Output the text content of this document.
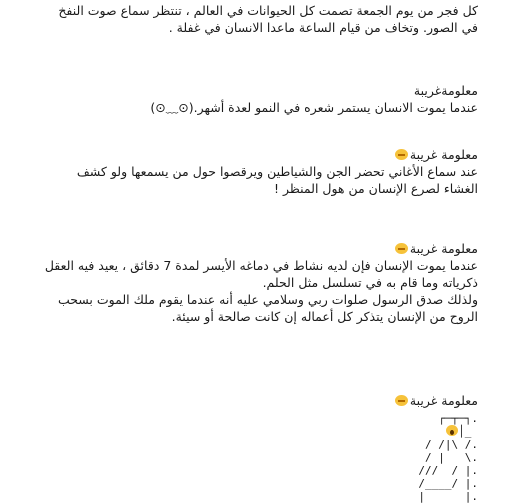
كل فجر من يوم الجمعة تصمت كل الحيوانات في العالم ، تنتظر سماع صوت النفخ
في الصور. وتخاف من قيام الساعة ماعدا الانسان في غفلة .
معلومةغريبة
عندما يموت الانسان يستمر شعره في النمو لعدة أشهر.(⊙﹏⊙)
معلومة غريبة
عند سماع الأغاني تحضر الجن والشياطين ويرقصوا حول من يسمعها ولو كشف
الغشاء لصرع الإنسان من هول المنظر !
معلومة غريبة
عندما يموت الإنسان فإن لديه نشاط في دماغه الأيسر لمدة 7 دقائق ، يعيد فيه العقل
ذكرياته وما قام به في تسلسل مثل الحلم.
ولذلك صدق الرسول صلوات ربي وسلامي عليه أنه عندما يقوم ملك الموت بسحب
الروح من الإنسان يتذكر كل أعماله إن كانت صالحة أو سيئة.
معلومة غريبة
┌─┬─┐.
│_
/ /|\ /.
/ |   \.
///  / |.
/____/ |.
|      |.
